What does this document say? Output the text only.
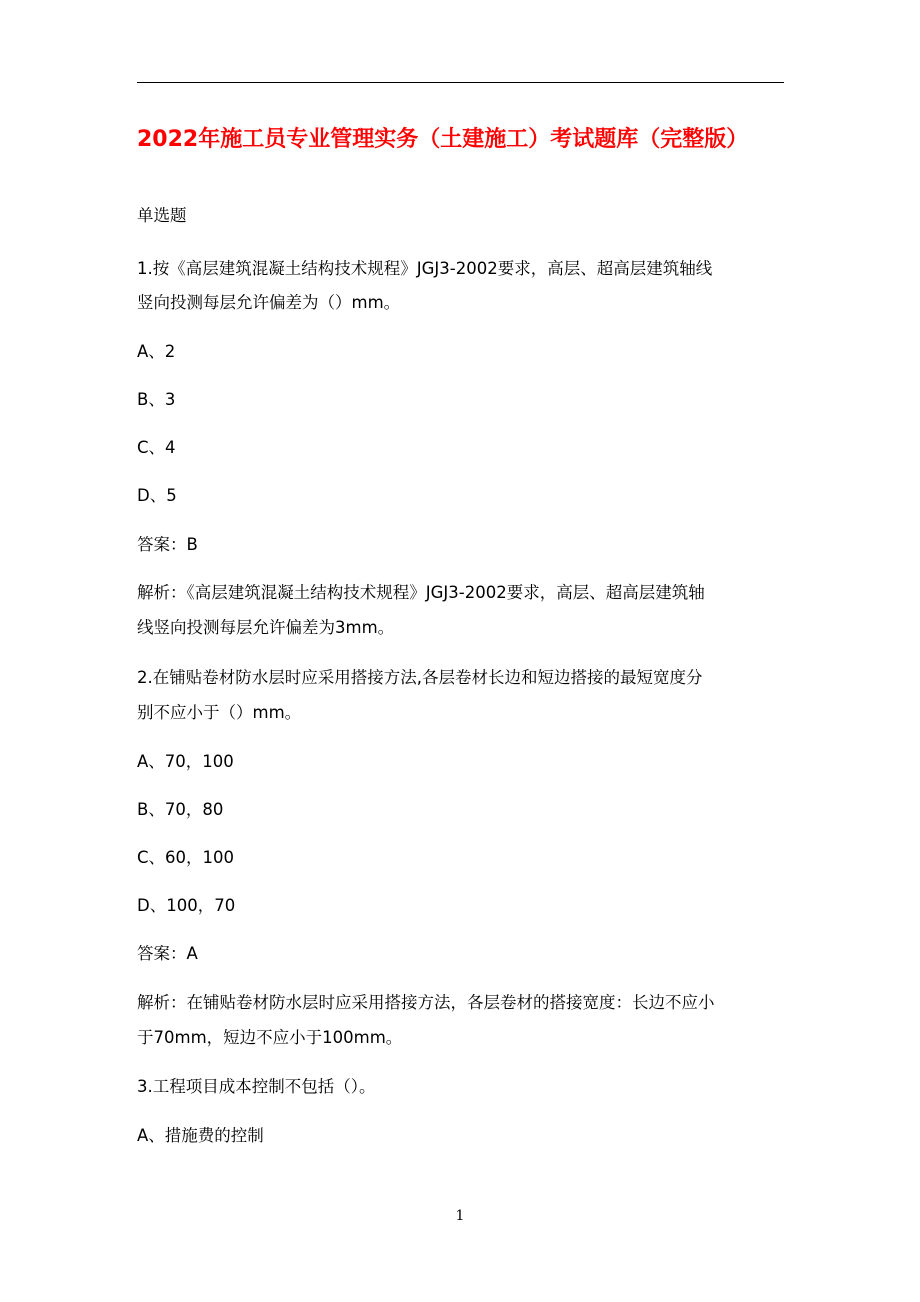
2022年施工员专业管理实务（土建施工）考试题库（完整版）

单选题

1.按《高层建筑混凝土结构技术规程》JGJ3-2002要求，高层、超高层建筑轴线

竖向投测每层允许偏差为（）mm。

A、2

B、3

C、4

D、5

答案：B

解析：《高层建筑混凝土结构技术规程》JGJ3-2002要求，高层、超高层建筑轴

线竖向投测每层允许偏差为3mm。

2.在铺贴卷材防水层时应采用搭接方法,各层卷材长边和短边搭接的最短宽度分

别不应小于（）mm。

A、70，100

B、70，80

C、60，100

D、100，70

答案：A

解析：在铺贴卷材防水层时应采用搭接方法，各层卷材的搭接宽度：长边不应小

于70mm，短边不应小于100mm。

3.工程项目成本控制不包括（）。

A、措施费的控制

1
